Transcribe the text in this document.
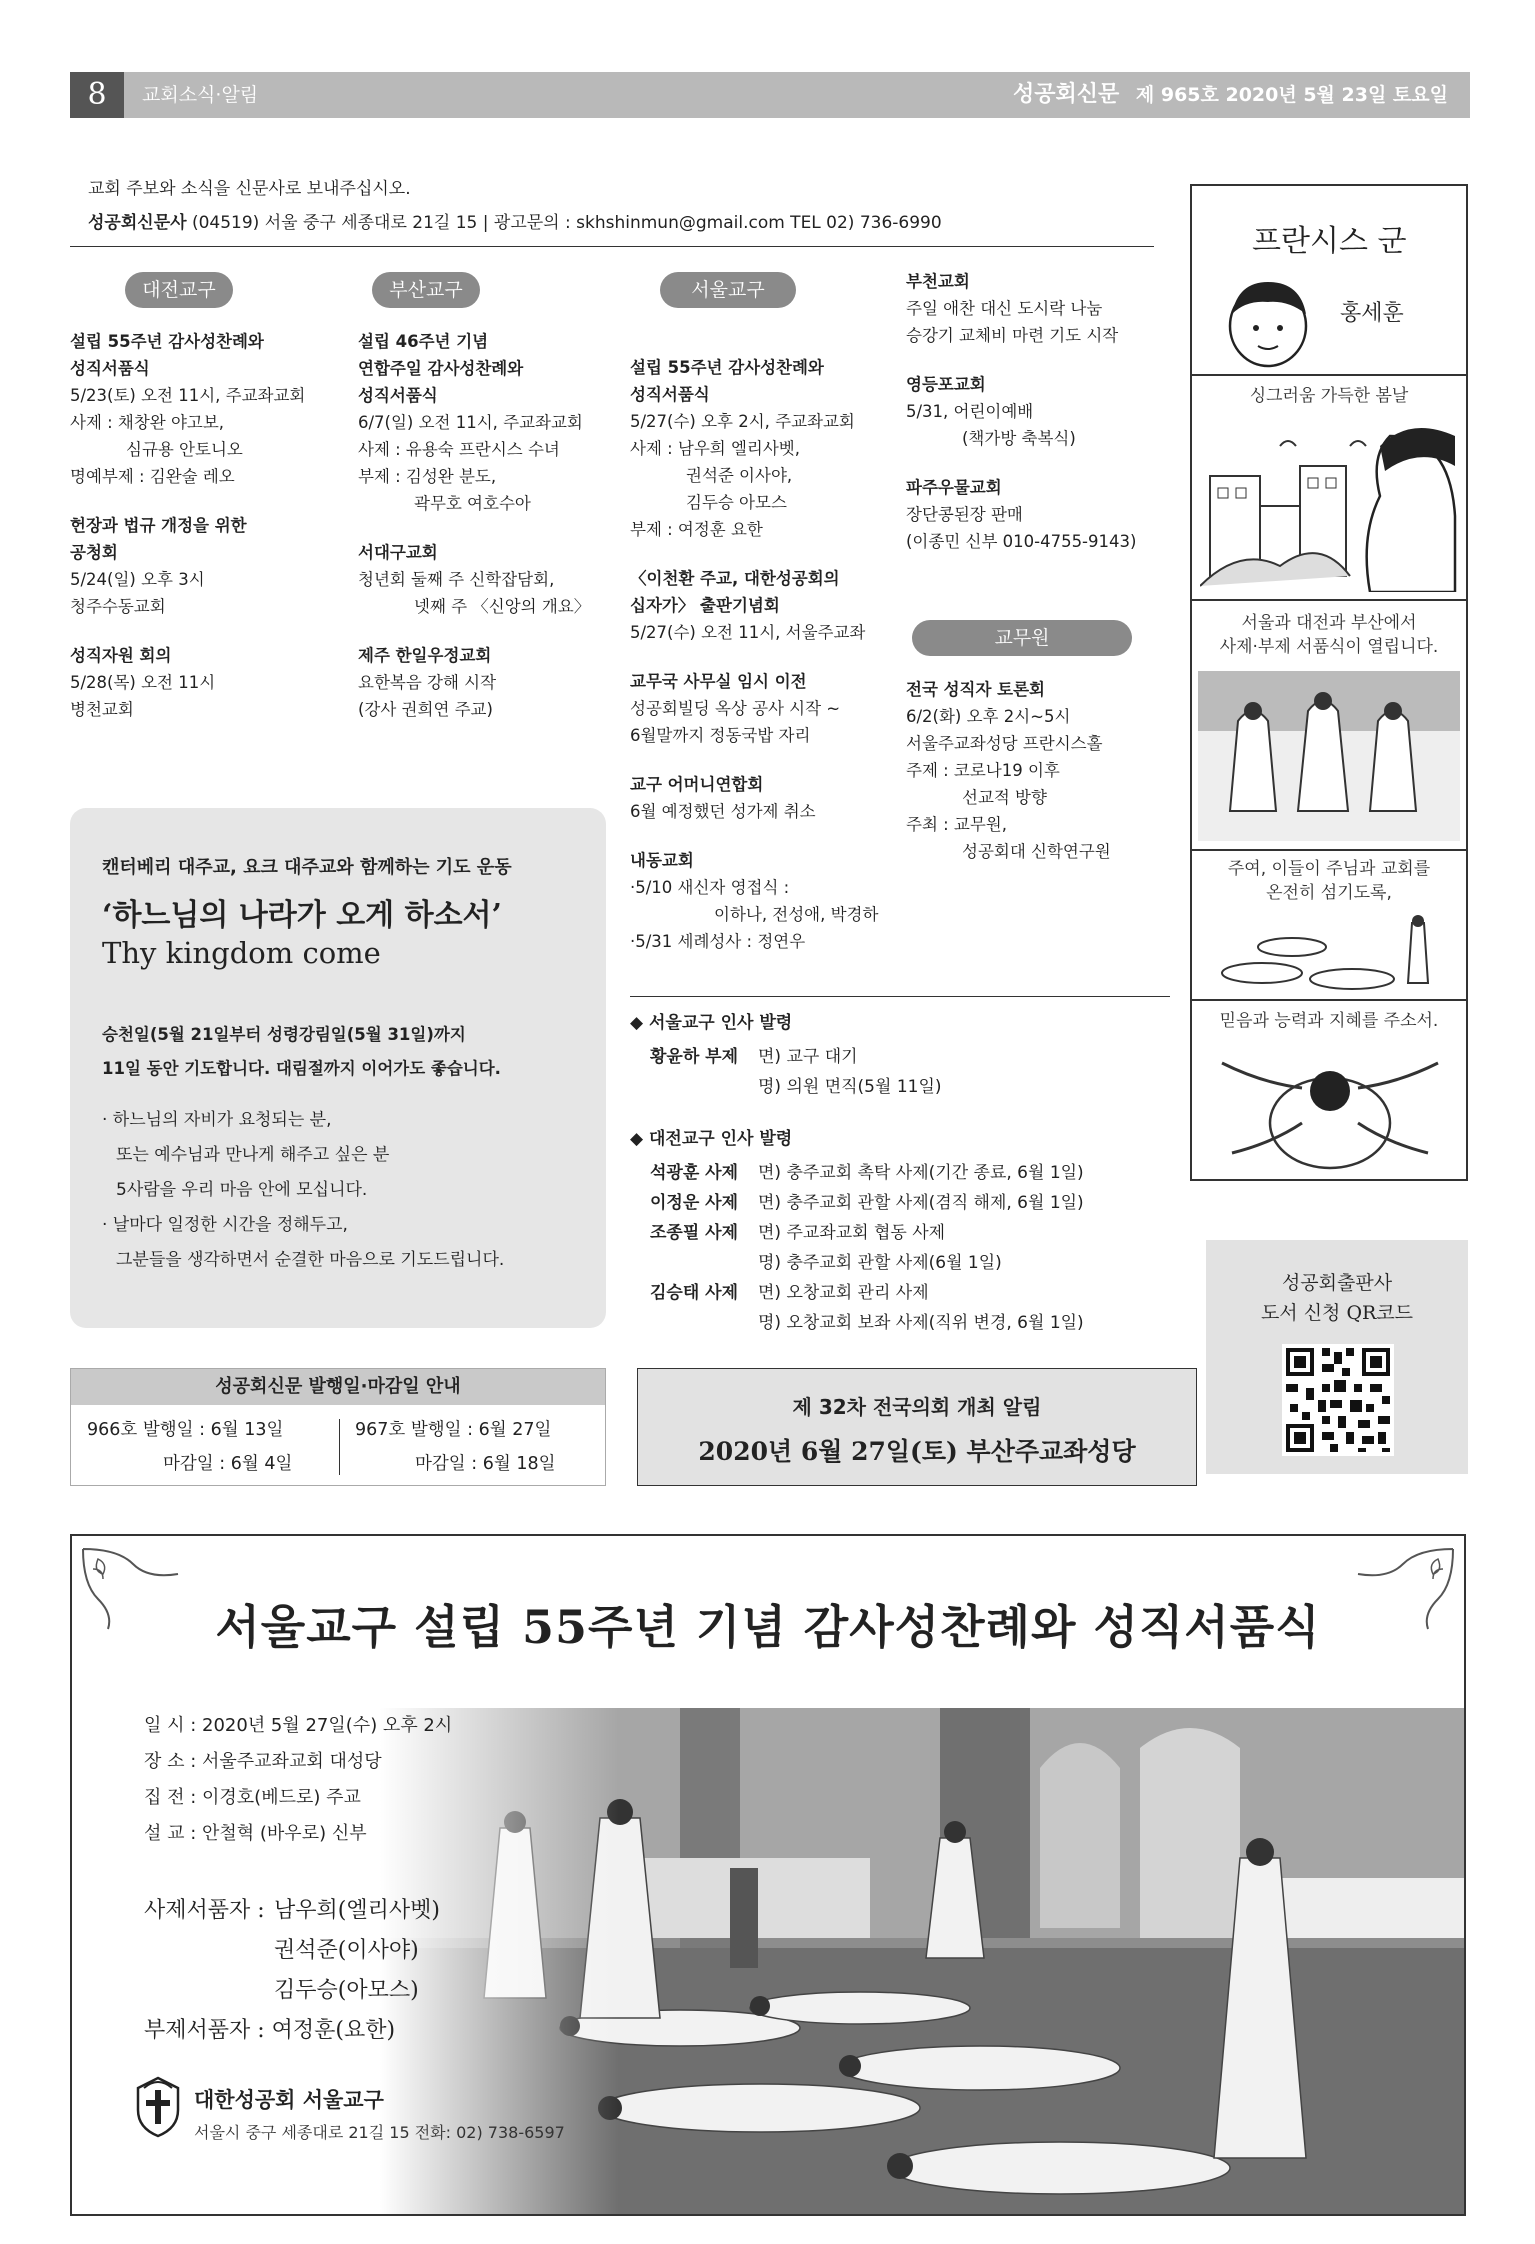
8	교회소식·알림	성공회신문 제 965호 2020년 5월 23일 토요일
교회 주보와 소식을 신문사로 보내주십시오.
성공회신문사 (04519) 서울 중구 세종대로 21길 15 | 광고문의 : skhshinmun@gmail.com TEL 02) 736-6990
대전교구	부산교구	서울교구
교무원
설립 55주년 감사성찬례와
성직서품식
5/23(토) 오전 11시, 주교좌교회
사제 : 채창완 야고보,
심규용 안토니오
명예부제 : 김완술 레오
헌장과 법규 개정을 위한
공청회
5/24(일) 오후 3시
청주수동교회
성직자원 회의
5/28(목) 오전 11시
병천교회
설립 46주년 기념
연합주일 감사성찬례와
성직서품식
6/7(일) 오전 11시, 주교좌교회
사제 : 유용숙 프란시스 수녀
부제 : 김성완 분도,
곽무호 여호수아
서대구교회
청년회 둘째 주 신학잡담회,
넷째 주 〈신앙의 개요〉
제주 한일우정교회
요한복음 강해 시작
(강사 권희연 주교)
설립 55주년 감사성찬례와
성직서품식
5/27(수) 오후 2시, 주교좌교회
사제 : 남우희 엘리사벳,
권석준 이사야,
김두승 아모스
부제 : 여정훈 요한
〈이천환 주교, 대한성공회의
십자가〉 출판기념회
5/27(수) 오전 11시, 서울주교좌
교무국 사무실 임시 이전
성공회빌딩 옥상 공사 시작 ~
6월말까지 정동국밥 자리
교구 어머니연합회
6월 예정했던 성가제 취소
내동교회
·5/10 새신자 영접식 :
이하나, 전성애, 박경하
·5/31 세례성사 : 정연우
부천교회
주일 애찬 대신 도시락 나눔
승강기 교체비 마련 기도 시작
영등포교회
5/31, 어린이예배
(책가방 축복식)
파주우물교회
장단콩된장 판매
(이종민 신부 010-4755-9143)
전국 성직자 토론회
6/2(화) 오후 2시~5시
서울주교좌성당 프란시스홀
주제 : 코로나19 이후
선교적 방향
주최 : 교무원,
성공회대 신학연구원
캔터베리 대주교, 요크 대주교와 함께하는 기도 운동
‘하느님의 나라가 오게 하소서’
Thy kingdom come
승천일(5월 21일부터 성령강림일(5월 31일)까지
11일 동안 기도합니다. 대림절까지 이어가도 좋습니다.
· 하느님의 자비가 요청되는 분,
또는 예수님과 만나게 해주고 싶은 분
5사람을 우리 마음 안에 모십니다.
· 날마다 일정한 시간을 정해두고,
그분들을 생각하면서 순결한 마음으로 기도드립니다.
◆ 서울교구 인사 발령
황윤하 부제 면) 교구 대기
명) 의원 면직(5월 11일)
◆ 대전교구 인사 발령
석광훈 사제 면) 충주교회 촉탁 사제(기간 종료, 6월 1일)
이정운 사제 면) 충주교회 관할 사제(겸직 해제, 6월 1일)
조종필 사제 면) 주교좌교회 협동 사제
명) 충주교회 관할 사제(6월 1일)
김승태 사제 면) 오창교회 관리 사제
명) 오창교회 보좌 사제(직위 변경, 6월 1일)
성공회신문 발행일·마감일 안내
966호 발행일 : 6월 13일
마감일 : 6월 4일
967호 발행일 : 6월 27일
마감일 : 6월 18일
제 32차 전국의회 개최 알림
2020년 6월 27일(토) 부산주교좌성당
프란시스 군
홍세훈
싱그러움 가득한 봄날
서울과 대전과 부산에서
사제·부제 서품식이 열립니다.
주여, 이들이 주님과 교회를
온전히 섬기도록,
믿음과 능력과 지혜를 주소서.
성공회출판사
도서 신청 QR코드
서울교구 설립 55주년 기념 감사성찬례와 성직서품식
일 시 : 2020년 5월 27일(수) 오후 2시
장 소 : 서울주교좌교회 대성당
집 전 : 이경호(베드로) 주교
설 교 : 안철혁 (바우로) 신부
사제서품자 : 남우희(엘리사벳)
권석준(이사야)
김두승(아모스)
부제서품자 : 여정훈(요한)
대한성공회 서울교구
서울시 중구 세종대로 21길 15 전화: 02) 738-6597
